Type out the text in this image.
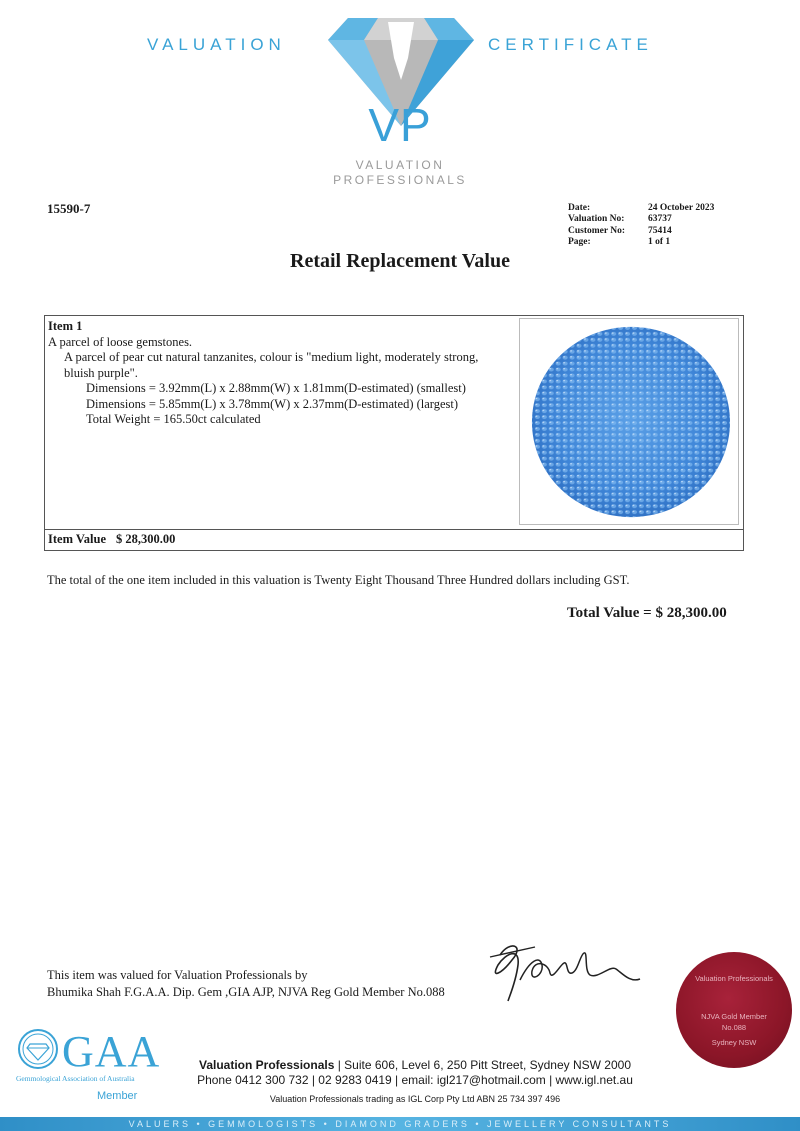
VALUATION	CERTIFICATE
VP
VALUATION
PROFESSIONALS
15590-7	Date:	24 October 2023
Valuation No:	63737
Customer No:	75414
Page:	1 of 1
Retail Replacement Value
Item 1
A parcel of loose gemstones.
A parcel of pear cut natural tanzanites, colour is "medium light, moderately strong,
bluish purple".
Dimensions = 3.92mm(L) x 2.88mm(W) x 1.81mm(D-estimated) (smallest)
Dimensions = 5.85mm(L) x 3.78mm(W) x 2.37mm(D-estimated) (largest)
Total Weight = 165.50ct calculated
Item Value $ 28,300.00
The total of the one item included in this valuation is Twenty Eight Thousand Three Hundred dollars including GST.
Total Value = $ 28,300.00
This item was valued for Valuation Professionals by
Bhumika Shah F.G.A.A. Dip. Gem ,GIA AJP, NJVA Reg Gold Member No.088
Valuation Professionals
NJVA Gold Member
No.088
Sydney NSW
GAA
Gemmological Association of Australia
Member
Valuation Professionals | Suite 606, Level 6, 250 Pitt Street, Sydney NSW 2000
Phone 0412 300 732 | 02 9283 0419 | email: igl217@hotmail.com | www.igl.net.au
Valuation Professionals trading as IGL Corp Pty Ltd ABN 25 734 397 496
VALUERS • GEMMOLOGISTS • DIAMOND GRADERS • JEWELLERY CONSULTANTS
